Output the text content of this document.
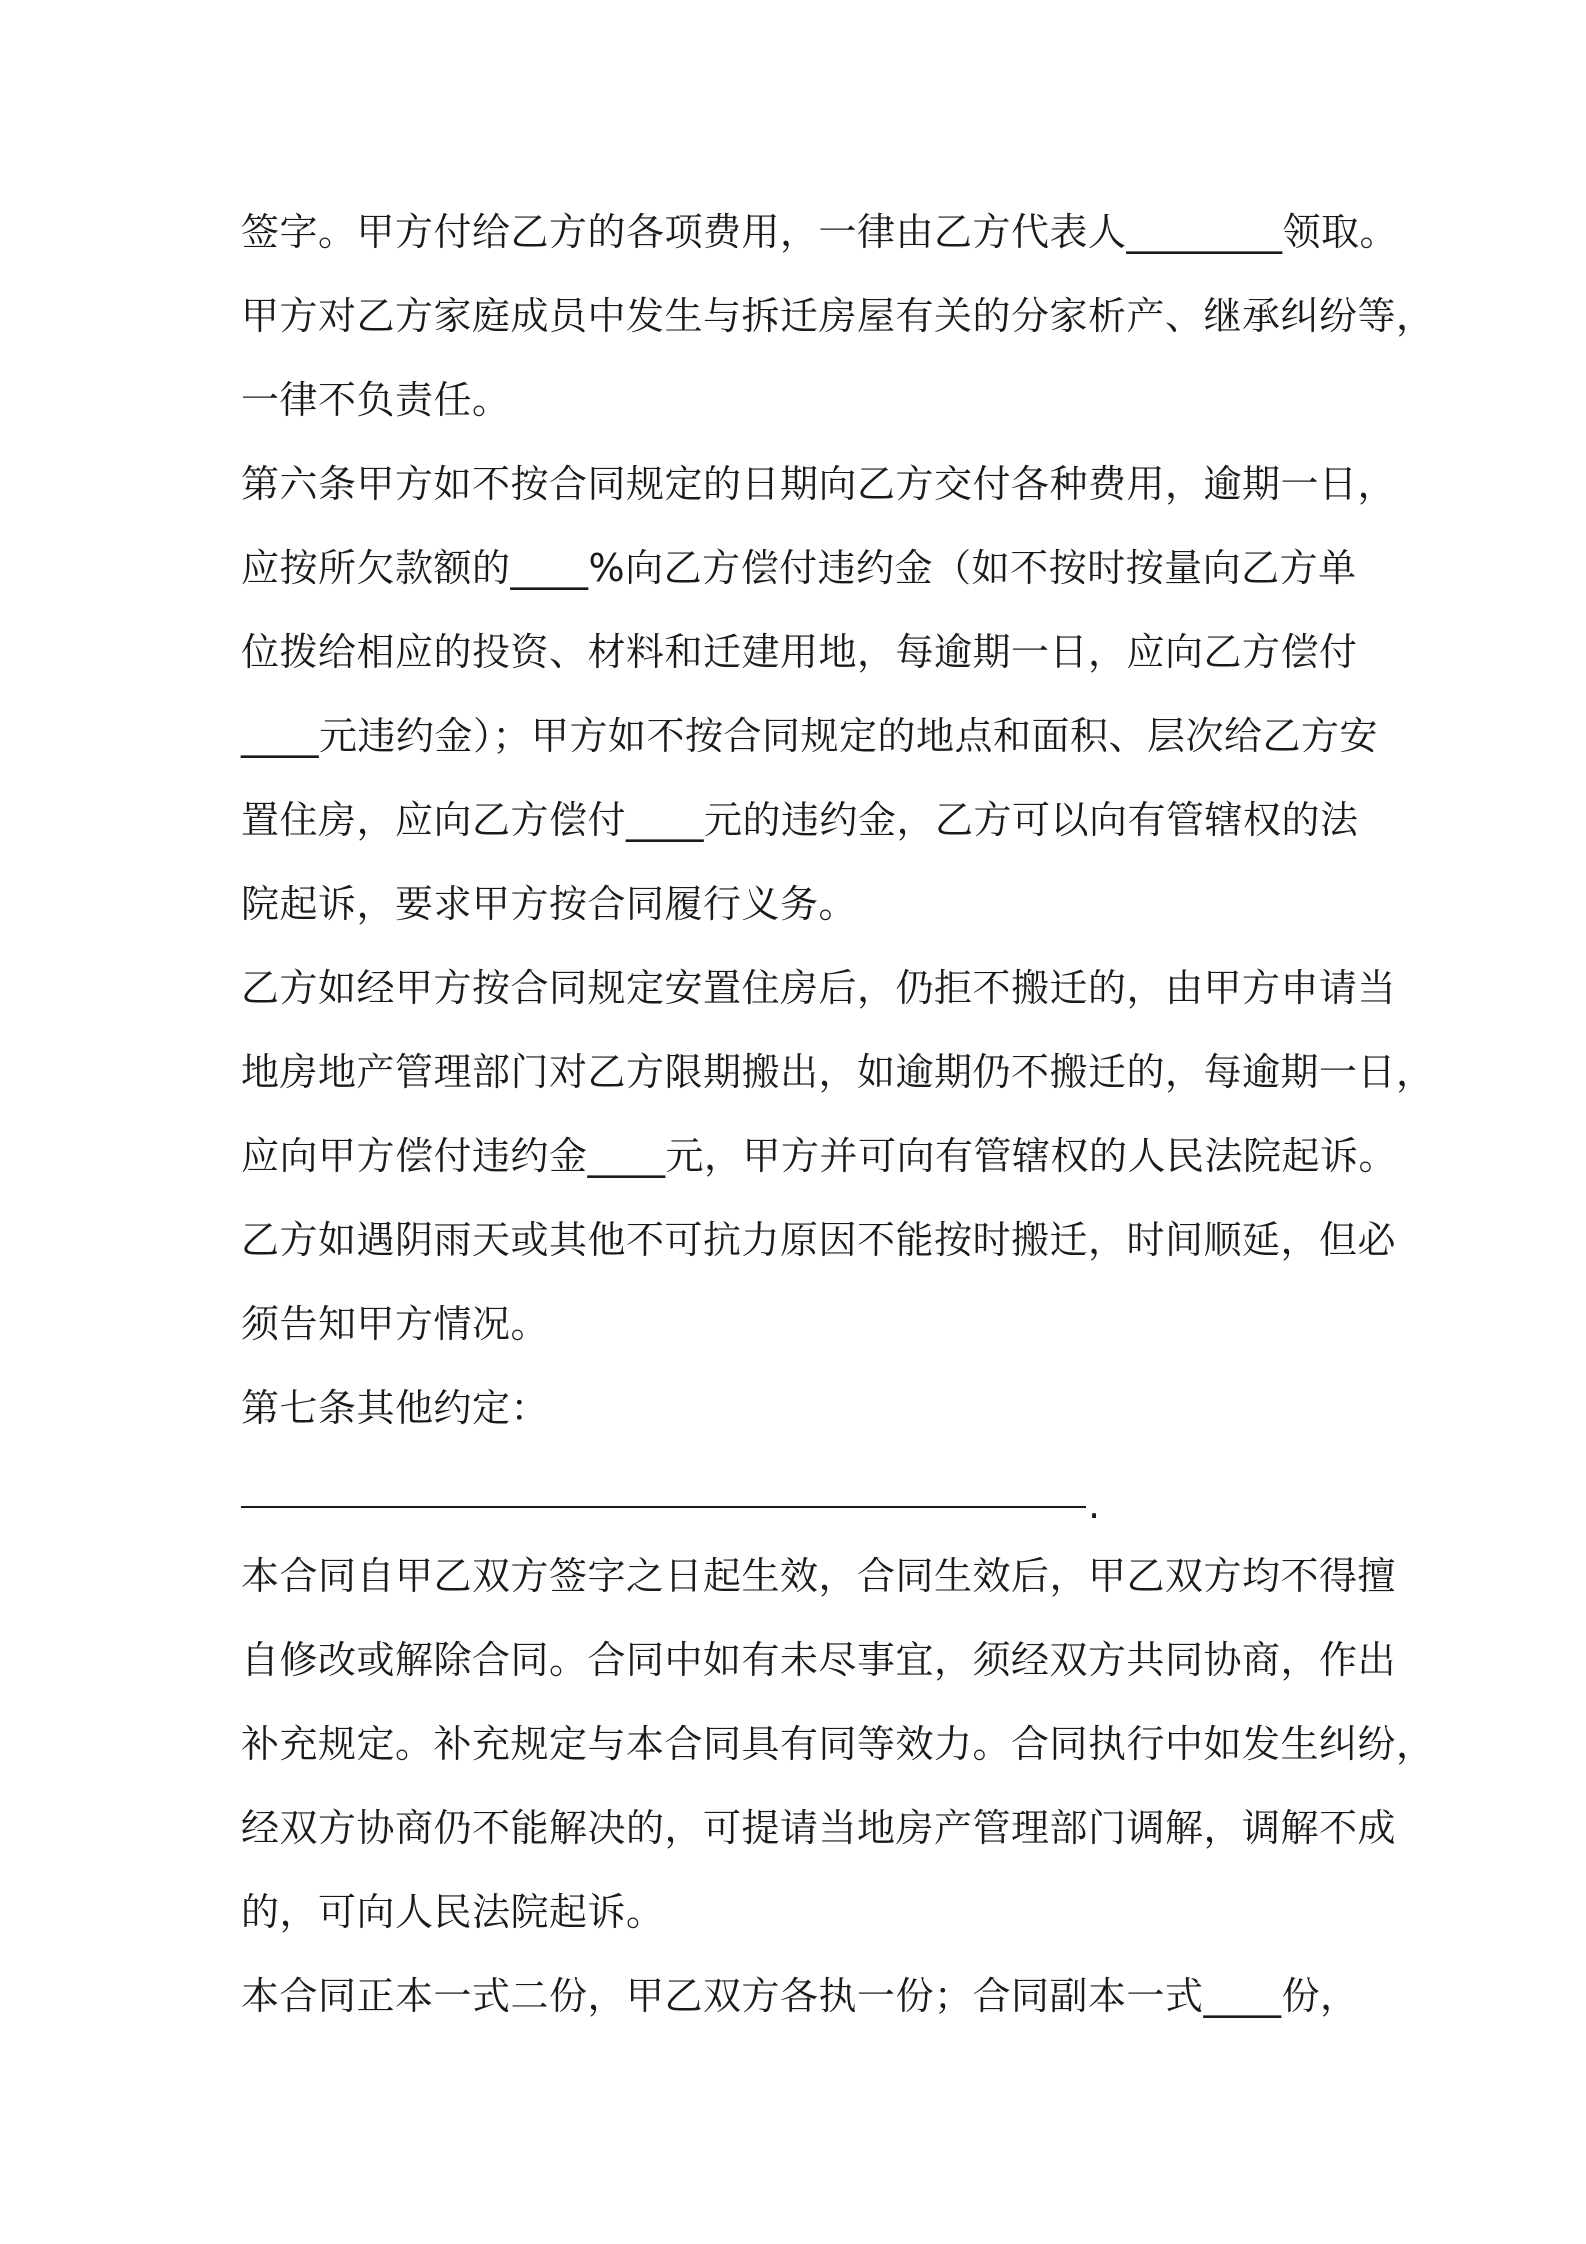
签字。甲方付给乙方的各项费用，一律由乙方代表人________领取。
甲方对乙方家庭成员中发生与拆迁房屋有关的分家析产、继承纠纷等，
一律不负责任。
第六条甲方如不按合同规定的日期向乙方交付各种费用，逾期一日，
应按所欠款额的____%向乙方偿付违约金（如不按时按量向乙方单
位拨给相应的投资、材料和迁建用地，每逾期一日，应向乙方偿付
____元违约金）；甲方如不按合同规定的地点和面积、层次给乙方安
置住房，应向乙方偿付____元的违约金，乙方可以向有管辖权的法
院起诉，要求甲方按合同履行义务。
乙方如经甲方按合同规定安置住房后，仍拒不搬迁的，由甲方申请当
地房地产管理部门对乙方限期搬出，如逾期仍不搬迁的，每逾期一日，
应向甲方偿付违约金____元，甲方并可向有管辖权的人民法院起诉。
乙方如遇阴雨天或其他不可抗力原因不能按时搬迁，时间顺延，但必
须告知甲方情况。
第七条其他约定：
.
本合同自甲乙双方签字之日起生效，合同生效后，甲乙双方均不得擅
自修改或解除合同。合同中如有未尽事宜，须经双方共同协商，作出
补充规定。补充规定与本合同具有同等效力。合同执行中如发生纠纷，
经双方协商仍不能解决的，可提请当地房产管理部门调解，调解不成
的，可向人民法院起诉。
本合同正本一式二份，甲乙双方各执一份；合同副本一式____份，
